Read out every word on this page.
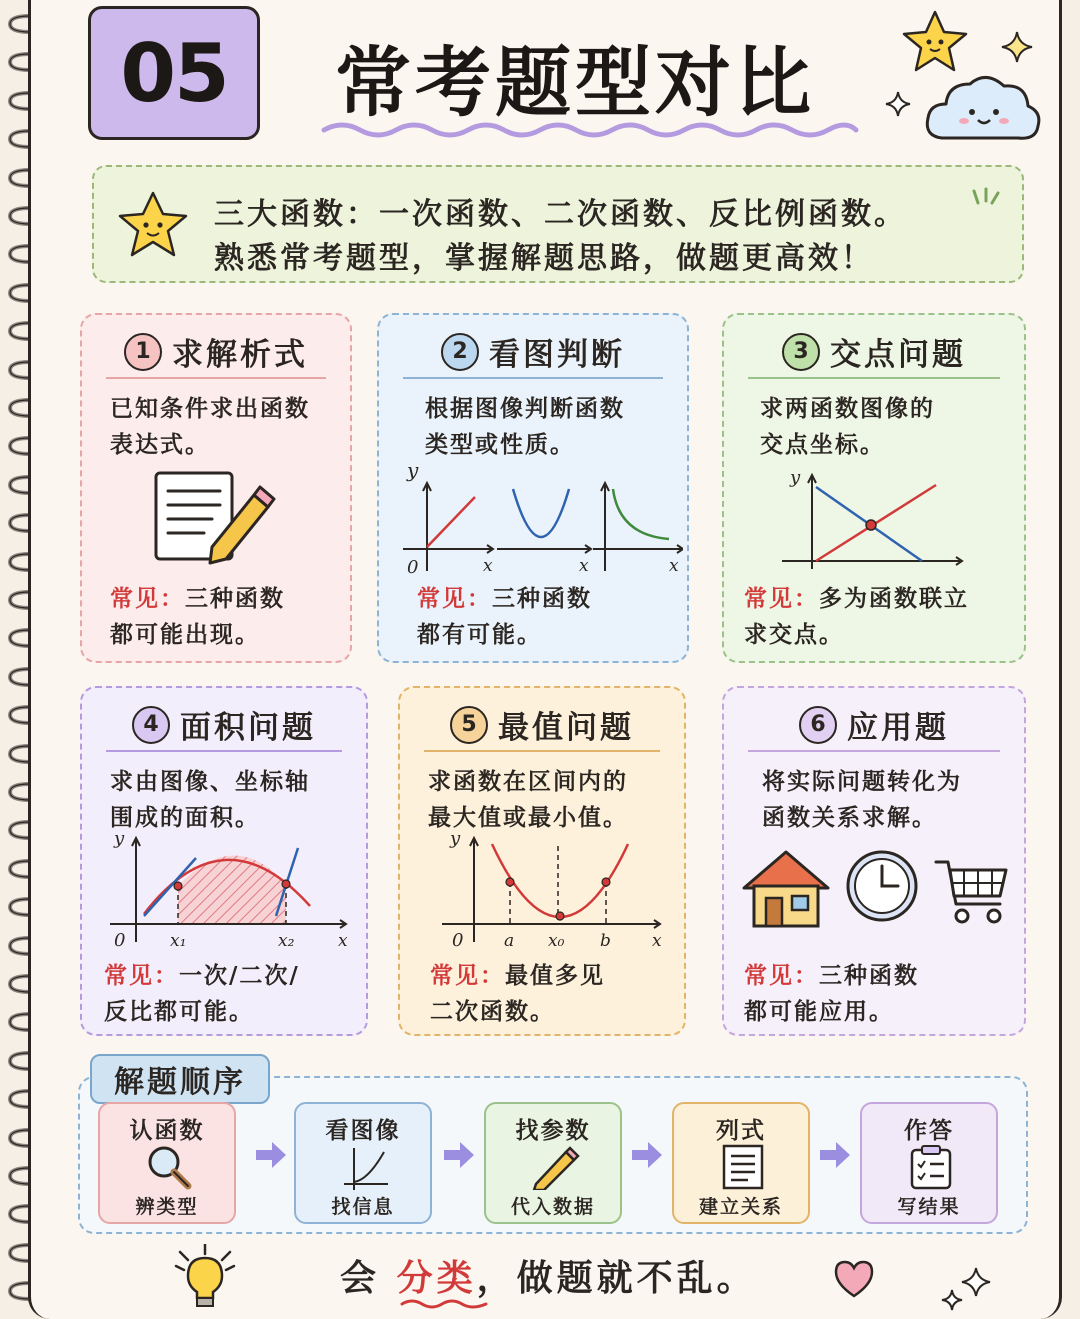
05	常考题型对比
三大函数：一次函数、二次函数、反比例函数。
熟悉常考题型，掌握解题思路，做题更高效！
1 求解析式
已知条件求出函数
表达式。
常见：三种函数
都可能出现。
2 看图判断
根据图像判断函数
类型或性质。
y
0	x	x	x
常见：三种函数
都有可能。
3 交点问题
求两函数图像的
交点坐标。
y
常见：多为函数联立
求交点。
4 面积问题
求由图像、坐标轴
围成的面积。
y
0	x₁	x₂	x
常见：一次/二次/
反比都可能。
5 最值问题
求函数在区间内的
最大值或最小值。
y
0 a x₀ b x
常见：最值多见
二次函数。
6 应用题
将实际问题转化为
函数关系求解。
常见：三种函数
都可能应用。
解题顺序
认函数
辨类型
看图像
找信息
找参数
代入数据
列式
建立关系
作答
写结果
会 分类，做题就不乱。
